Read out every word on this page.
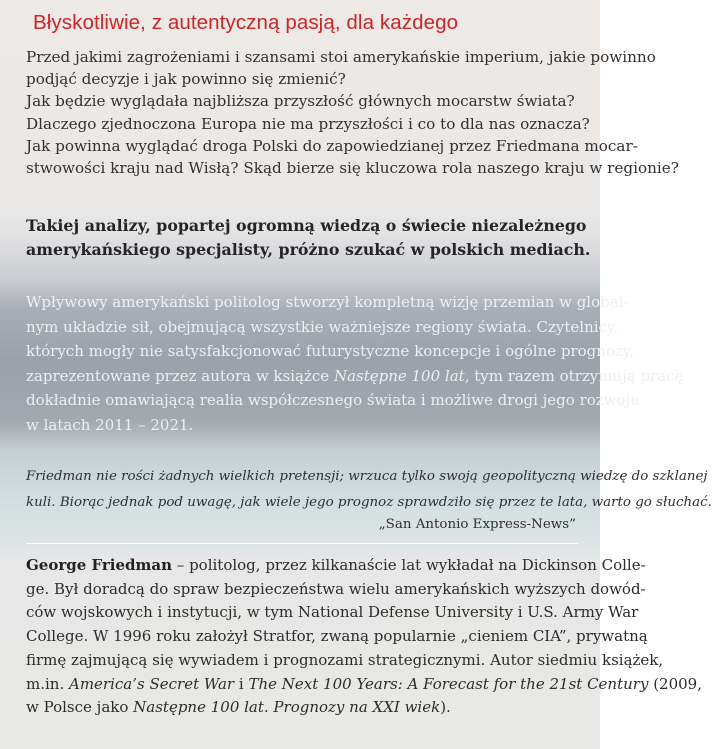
Błyskotliwie, z autentyczną pasją, dla każdego
Przed jakimi zagrożeniami i szansami stoi amerykańskie imperium, jakie powinno
podjąć decyzje i jak powinno się zmienić?
Jak będzie wyglądała najbliższa przyszłość głównych mocarstw świata?
Dlaczego zjednoczona Europa nie ma przyszłości i co to dla nas oznacza?
Jak powinna wyglądać droga Polski do zapowiedzianej przez Friedmana mocar-
stwowości kraju nad Wisłą? Skąd bierze się kluczowa rola naszego kraju w regionie?
Takiej analizy, popartej ogromną wiedzą o świecie niezależnego
amerykańskiego specjalisty, próżno szukać w polskich mediach.
Wpływowy amerykański politolog stworzył kompletną wizję przemian w global-
nym układzie sił, obejmującą wszystkie ważniejsze regiony świata. Czytelnicy,
których mogły nie satysfakcjonować futurystyczne koncepcje i ogólne prognozy,
zaprezentowane przez autora w książce Następne 100 lat, tym razem otrzymują pracę
dokładnie omawiającą realia współczesnego świata i możliwe drogi jego rozwoju
w latach 2011 – 2021.
Friedman nie rości żadnych wielkich pretensji; wrzuca tylko swoją geopolityczną wiedzę do szklanej
kuli. Biorąc jednak pod uwagę, jak wiele jego prognoz sprawdziło się przez te lata, warto go słuchać.
„San Antonio Express-News”
George Friedman – politolog, przez kilkanaście lat wykładał na Dickinson Colle-
ge. Był doradcą do spraw bezpieczeństwa wielu amerykańskich wyższych dowód-
ców wojskowych i instytucji, w tym National Defense University i U.S. Army War
College. W 1996 roku założył Stratfor, zwaną popularnie „cieniem CIA”, prywatną
firmę zajmującą się wywiadem i prognozami strategicznymi. Autor siedmiu książek,
m.in. America’s Secret War i The Next 100 Years: A Forecast for the 21st Century (2009,
w Polsce jako Następne 100 lat. Prognozy na XXI wiek).
